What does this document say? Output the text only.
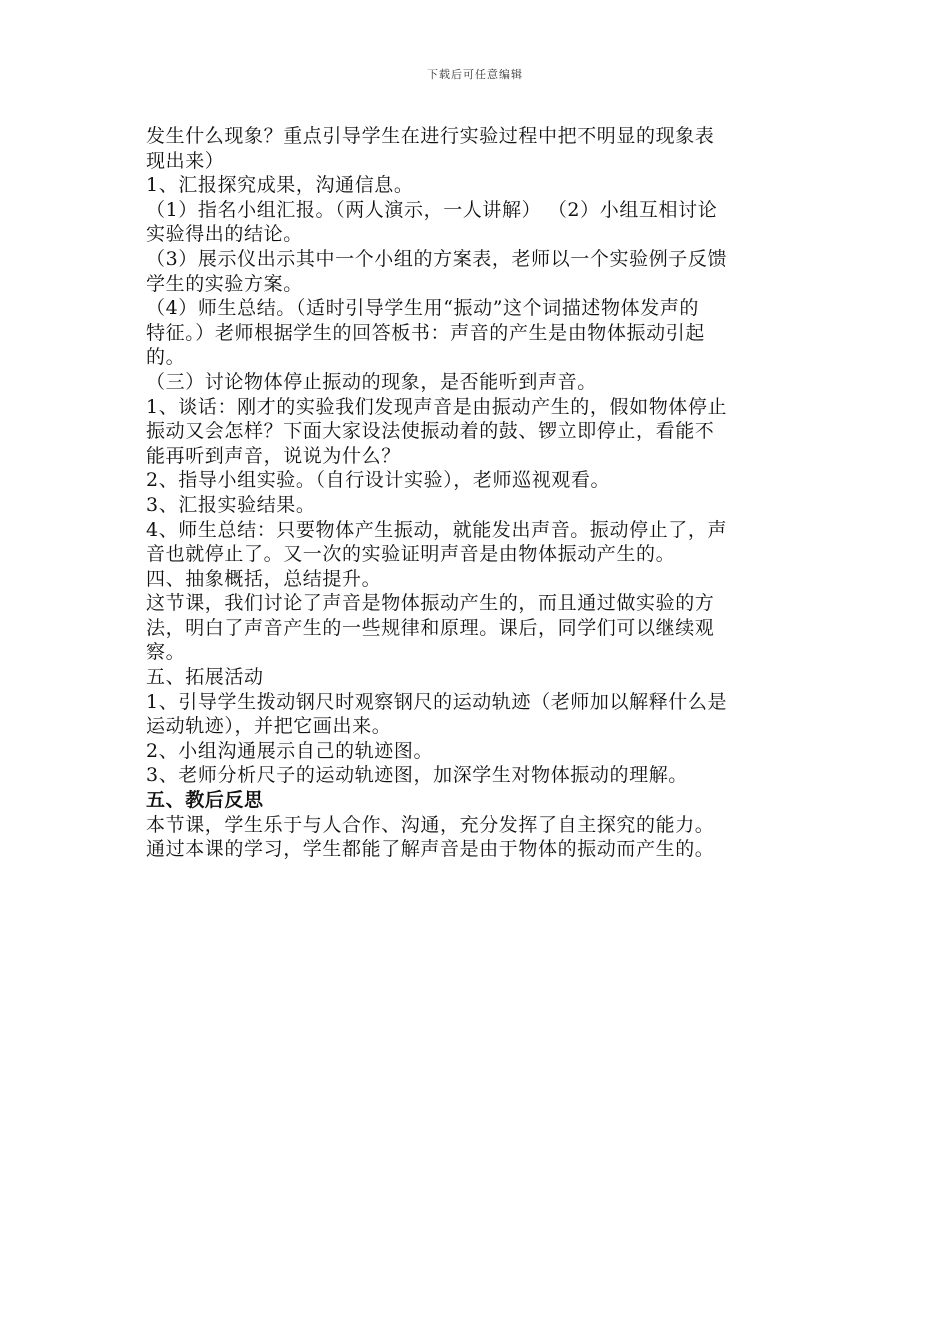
下载后可任意编辑
发生什么现象？重点引导学生在进行实验过程中把不明显的现象表
现出来）
1、汇报探究成果，沟通信息。
（1）指名小组汇报。（两人演示，一人讲解） （2）小组互相讨论
实验得出的结论。
（3）展示仪出示其中一个小组的方案表，老师以一个实验例子反馈
学生的实验方案。
（4）师生总结。（适时引导学生用“振动”这个词描述物体发声的
特征。）老师根据学生的回答板书：声音的产生是由物体振动引起
的。
（三）讨论物体停止振动的现象，是否能听到声音。
1、谈话：刚才的实验我们发现声音是由振动产生的，假如物体停止
振动又会怎样？下面大家设法使振动着的鼓、锣立即停止，看能不
能再听到声音，说说为什么？
2、指导小组实验。（自行设计实验），老师巡视观看。
3、汇报实验结果。
4、师生总结：只要物体产生振动，就能发出声音。振动停止了，声
音也就停止了。又一次的实验证明声音是由物体振动产生的。
四、抽象概括，总结提升。
这节课，我们讨论了声音是物体振动产生的，而且通过做实验的方
法，明白了声音产生的一些规律和原理。课后，同学们可以继续观
察。
五、拓展活动
1、引导学生拨动钢尺时观察钢尺的运动轨迹（老师加以解释什么是
运动轨迹），并把它画出来。
2、小组沟通展示自己的轨迹图。
3、老师分析尺子的运动轨迹图，加深学生对物体振动的理解。
五、教后反思
本节课，学生乐于与人合作、沟通，充分发挥了自主探究的能力。
通过本课的学习，学生都能了解声音是由于物体的振动而产生的。
